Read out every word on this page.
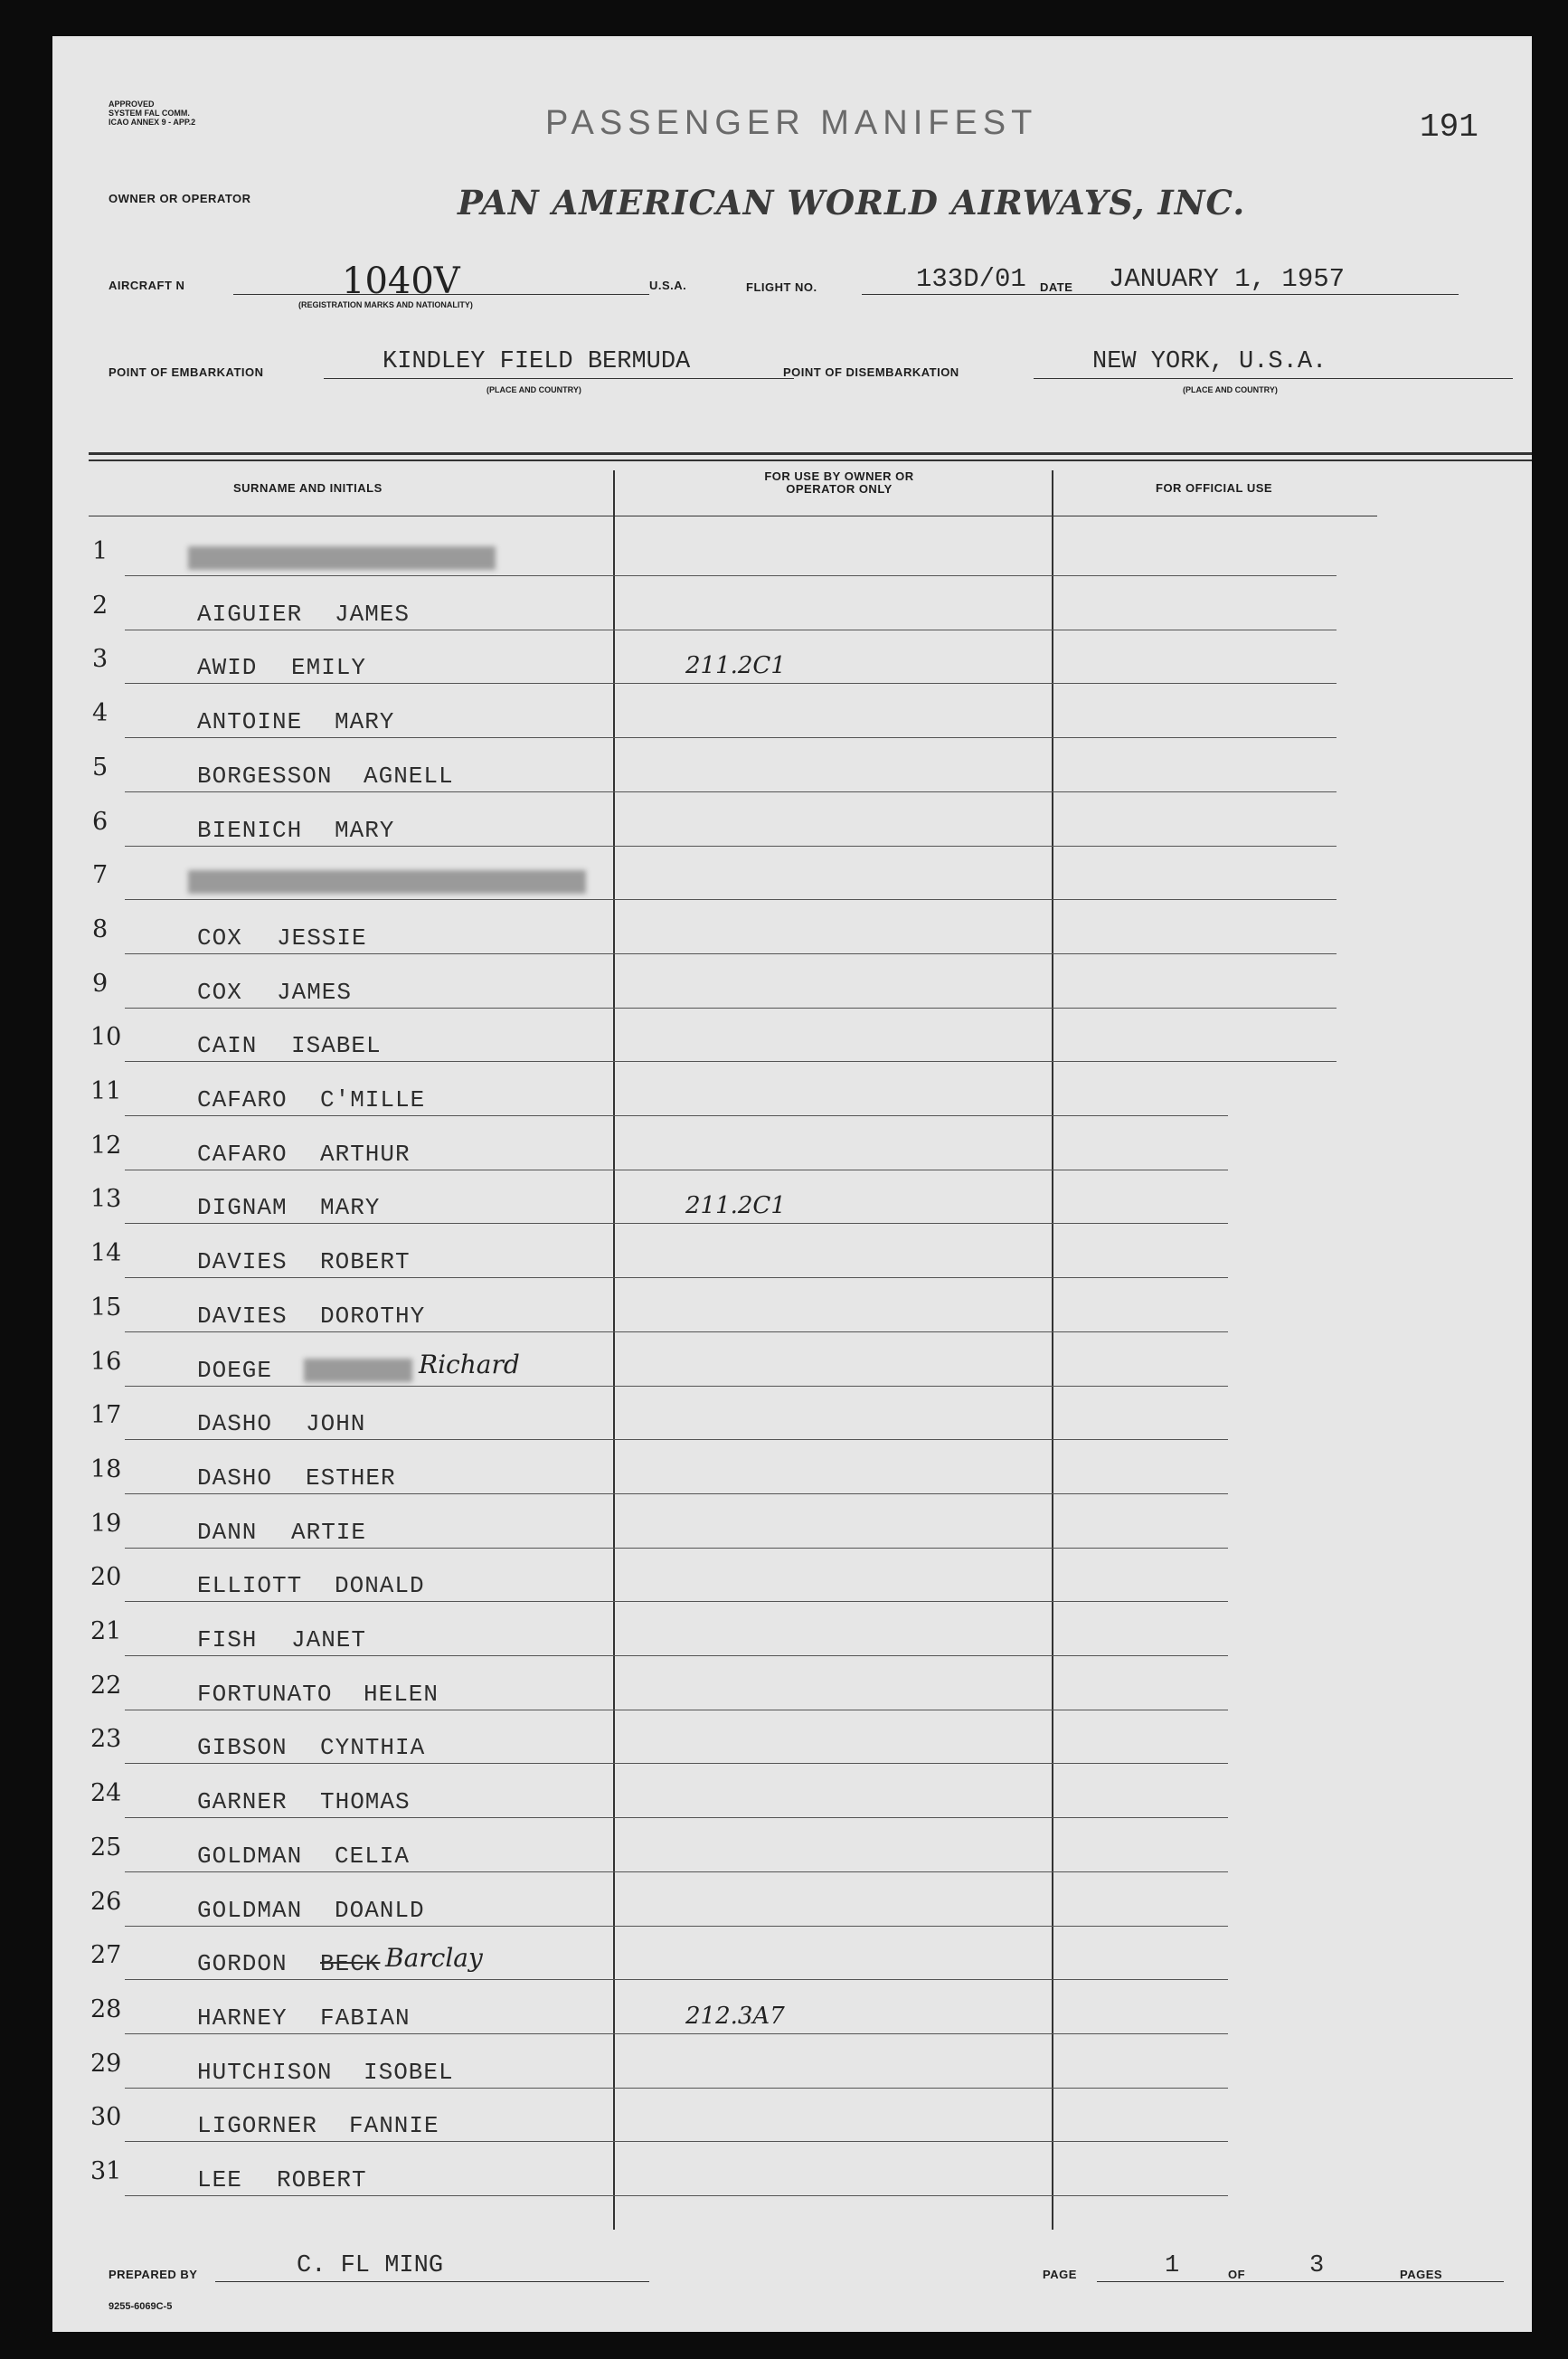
APPROVED
SYSTEM FAL COMM.
ICAO ANNEX 9 - APP.2	PASSENGER MANIFEST	191
OWNER OR OPERATOR	PAN AMERICAN WORLD AIRWAYS, INC.
AIRCRAFT N	1040V
(REGISTRATION MARKS AND NATIONALITY)
U.S.A.	FLIGHT NO.	133D/01 DATE JANUARY 1, 1957
POINT OF EMBARKATION	KINDLEY FIELD BERMUDA
(PLACE AND COUNTRY)
POINT OF DISEMBARKATION	NEW YORK, U.S.A.
(PLACE AND COUNTRY)
SURNAME AND INITIALS
FOR USE BY OWNER OR OPERATOR ONLY	FOR OFFICIAL USE
1
2	AIGUIER JAMES
3	AWID EMILY	211.2C1
4	ANTOINE MARY
5	BORGESSON AGNELL
6	BIENICH MARY
7
8	COX JESSIE
9	COX JAMES
10	CAIN ISABEL
11	CAFARO C'MILLE
12	CAFARO ARTHUR
13	DIGNAM MARY	211.2C1
14	DAVIES ROBERT
15	DAVIES DOROTHY
16	DOEGE	Richard
17	DASHO JOHN
18	DASHO ESTHER
19	DANN ARTIE
20	ELLIOTT DONALD
21	FISH JANET
22	FORTUNATO HELEN
23	GIBSON CYNTHIA
24	GARNER THOMAS
25	GOLDMAN CELIA
26	GOLDMAN DOANLD
27	GORDON BECK Barclay
28	HARNEY FABIAN	212.3A7
29	HUTCHISON ISOBEL
30	LIGORNER FANNIE
31	LEE ROBERT
PREPARED BY	C. FL MING	PAGE	1	OF	3	PAGES
9255-6069C-5
